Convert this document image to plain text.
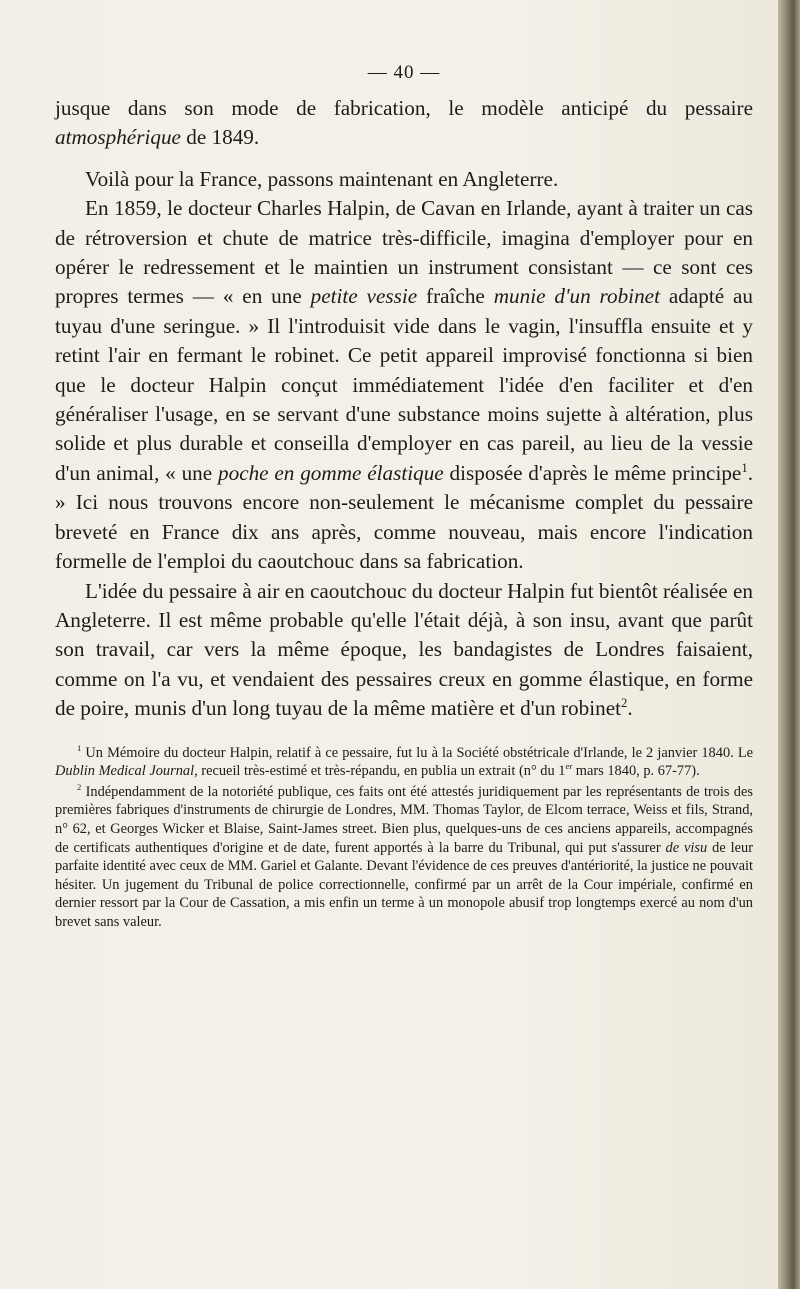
— 40 —

jusque dans son mode de fabrication, le modèle anticipé du pessaire atmosphérique de 1849.

Voilà pour la France, passons maintenant en Angleterre.

En 1859, le docteur Charles Halpin, de Cavan en Irlande, ayant à traiter un cas de rétroversion et chute de matrice très-difficile, imagina d'employer pour en opérer le redressement et le maintien un instrument consistant — ce sont ces propres termes — « en une petite vessie fraîche munie d'un robinet adapté au tuyau d'une seringue. » Il l'introduisit vide dans le vagin, l'insuffla ensuite et y retint l'air en fermant le robinet. Ce petit appareil improvisé fonctionna si bien que le docteur Halpin conçut immédiatement l'idée d'en faciliter et d'en généraliser l'usage, en se servant d'une substance moins sujette à altération, plus solide et plus durable et conseilla d'employer en cas pareil, au lieu de la vessie d'un animal, « une poche en gomme élastique disposée d'après le même principe$^1$. » Ici nous trouvons encore non-seulement le mécanisme complet du pessaire breveté en France dix ans après, comme nouveau, mais encore l'indication formelle de l'emploi du caoutchouc dans sa fabrication.

L'idée du pessaire à air en caoutchouc du docteur Halpin fut bientôt réalisée en Angleterre. Il est même probable qu'elle l'était déjà, à son insu, avant que parût son travail, car vers la même époque, les bandagistes de Londres faisaient, comme on l'a vu, et vendaient des pessaires creux en gomme élastique, en forme de poire, munis d'un long tuyau de la même matière et d'un robinet$^2$.

$^1$ Un Mémoire du docteur Halpin, relatif à ce pessaire, fut lu à la Société obstétricale d'Irlande, le 2 janvier 1840. Le Dublin Medical Journal, recueil très-estimé et très-répandu, en publia un extrait (n° du 1er mars 1840, p. 67-77).

$^2$ Indépendamment de la notoriété publique, ces faits ont été attestés juridiquement par les représentants de trois des premières fabriques d'instruments de chirurgie de Londres, MM. Thomas Taylor, de Elcom terrace, Weiss et fils, Strand, n° 62, et Georges Wicker et Blaise, Saint-James street. Bien plus, quelques-uns de ces anciens appareils, accompagnés de certificats authentiques d'origine et de date, furent apportés à la barre du Tribunal, qui put s'assurer de visu de leur parfaite identité avec ceux de MM. Gariel et Galante. Devant l'évidence de ces preuves d'antériorité, la justice ne pouvait hésiter. Un jugement du Tribunal de police correctionnelle, confirmé par un arrêt de la Cour impériale, confirmé en dernier ressort par la Cour de Cassation, a mis enfin un terme à un monopole abusif trop longtemps exercé au nom d'un brevet sans valeur.
